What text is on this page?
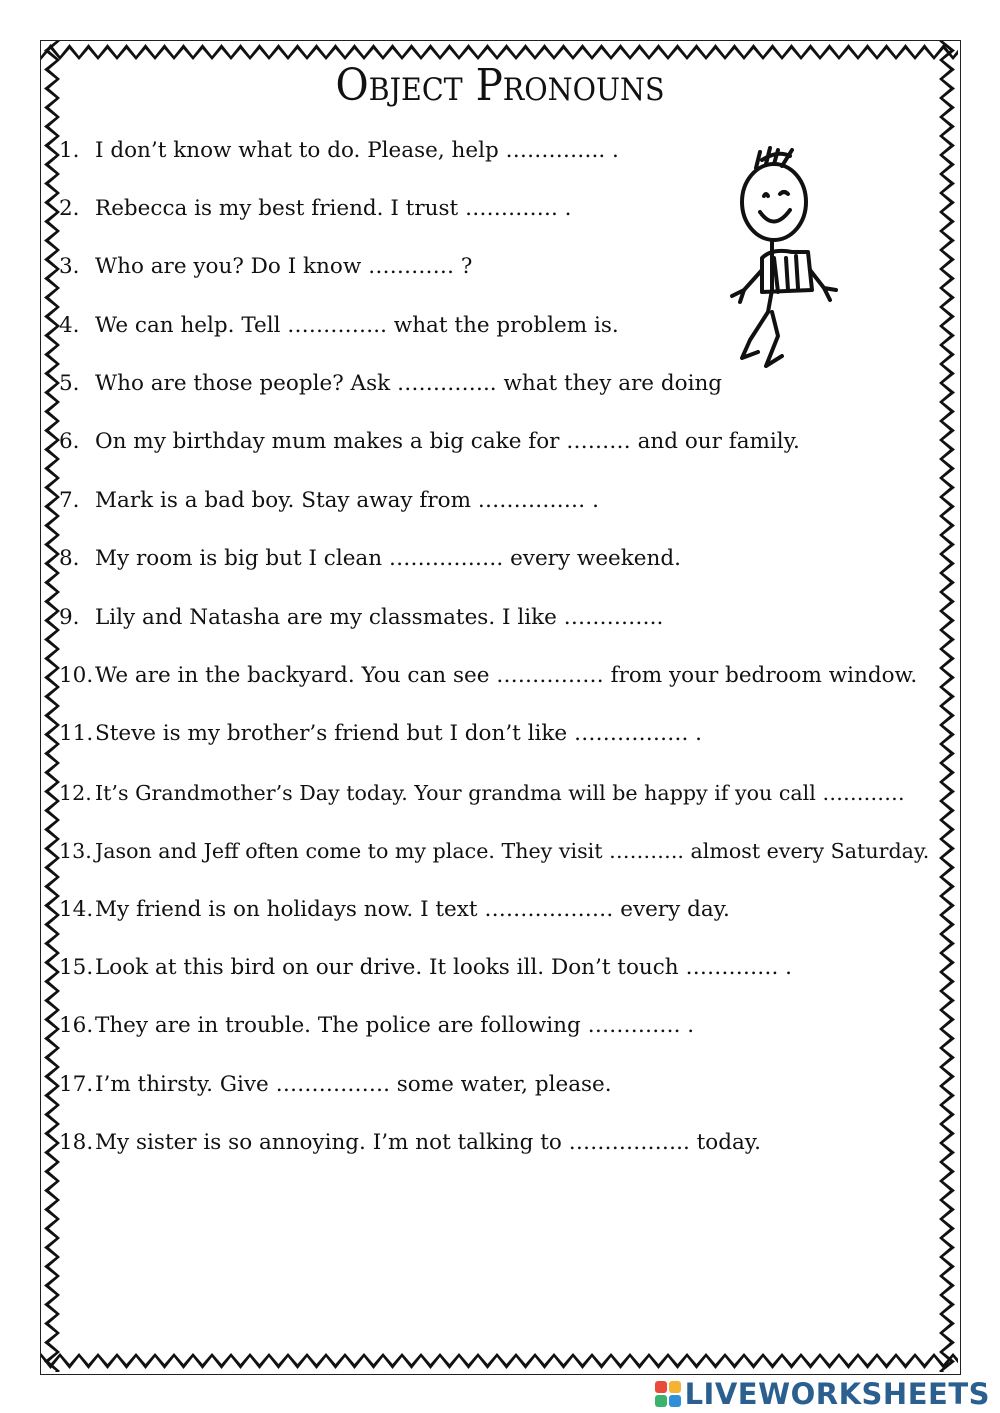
Object Pronouns
1. I don’t know what to do. Please, help ………….. .
2. Rebecca is my best friend. I trust …………. .
3. Who are you? Do I know ………… ?
4. We can help. Tell ………….. what the problem is.
5. Who are those people? Ask ………….. what they are doing
6. On my birthday mum makes a big cake for ……… and our family.
7. Mark is a bad boy. Stay away from …………… .
8. My room is big but I clean ……………. every weekend.
9. Lily and Natasha are my classmates. I like …………..
10.We are in the backyard. You can see …………… from your bedroom window.
11.Steve is my brother’s friend but I don’t like ……………. .
12. It’s Grandmother’s Day today. Your grandma will be happy if you call …………
13. Jason and Jeff often come to my place. They visit ……….. almost every Saturday.
14.My friend is on holidays now. I text ……………… every day.
15.Look at this bird on our drive. It looks ill. Don’t touch …………. .
16.They are in trouble. The police are following …………. .
17.I’m thirsty. Give ……………. some water, please.
18.My sister is so annoying. I’m not talking to …………….. today.
LIVEWORKSHEETS
